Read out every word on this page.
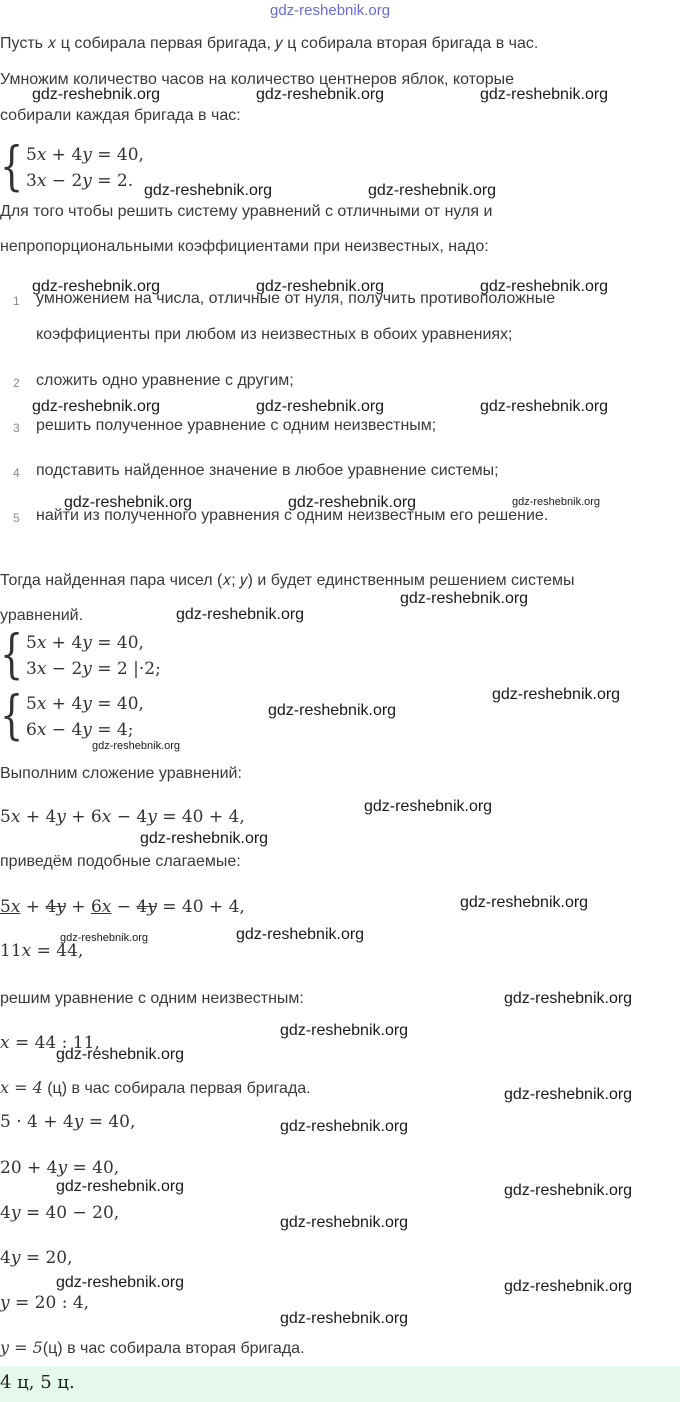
gdz-reshebnik.org
Пусть 𝑥 ц собирала первая бригада, 𝑦 ц собирала вторая бригада в час.
Умножим количество часов на количество центнеров яблок, которые
собирали каждая бригада в час:
{ 5𝑥 + 4𝑦 = 40,
3𝑥 − 2𝑦 = 2.
Для того чтобы решить систему уравнений с отличными от нуля и
непропорциональными коэффициентами при неизвестных, надо:
1 умножением на числа, отличные от нуля, получить противоположные
коэффициенты при любом из неизвестных в обоих уравнениях;
2 сложить одно уравнение с другим;
3 решить полученное уравнение с одним неизвестным;
4 подставить найденное значение в любое уравнение системы;
5 найти из полученного уравнения с одним неизвестным его решение.
Тогда найденная пара чисел (𝑥; 𝑦) и будет единственным решением системы
уравнений.
{ 5𝑥 + 4𝑦 = 40,
3𝑥 − 2𝑦 = 2 |·2;
{ 5𝑥 + 4𝑦 = 40,
6𝑥 − 4𝑦 = 4;
Выполним сложение уравнений:
5𝑥 + 4𝑦 + 6𝑥 − 4𝑦 = 40 + 4,
приведём подобные слагаемые:
5𝑥 + 4𝑦 + 6𝑥 − 4𝑦 = 40 + 4,
11𝑥 = 44,
решим уравнение с одним неизвестным:
𝑥 = 44 : 11,
𝑥 = 4 (ц) в час собирала первая бригада.
5 · 4 + 4𝑦 = 40,
20 + 4𝑦 = 40,
4𝑦 = 40 − 20,
4𝑦 = 20,
𝑦 = 20 : 4,
𝑦 = 5(ц) в час собирала вторая бригада.
4 ц, 5 ц.
gdz-reshebnik.org	gdz-reshebnik.org	gdz-reshebnik.org
gdz-reshebnik.org	gdz-reshebnik.org
gdz-reshebnik.org	gdz-reshebnik.org	gdz-reshebnik.org
gdz-reshebnik.org	gdz-reshebnik.org	gdz-reshebnik.org
gdz-reshebnik.org	gdz-reshebnik.org	gdz-reshebnik.org
gdz-reshebnik.org
gdz-reshebnik.org
gdz-reshebnik.org
gdz-reshebnik.org
gdz-reshebnik.org
gdz-reshebnik.org
gdz-reshebnik.org
gdz-reshebnik.org
gdz-reshebnik.org	gdz-reshebnik.org
gdz-reshebnik.org
gdz-reshebnik.org
gdz-reshebnik.org
gdz-reshebnik.org
gdz-reshebnik.org
gdz-reshebnik.org	gdz-reshebnik.org
gdz-reshebnik.org
gdz-reshebnik.org	gdz-reshebnik.org
gdz-reshebnik.org
